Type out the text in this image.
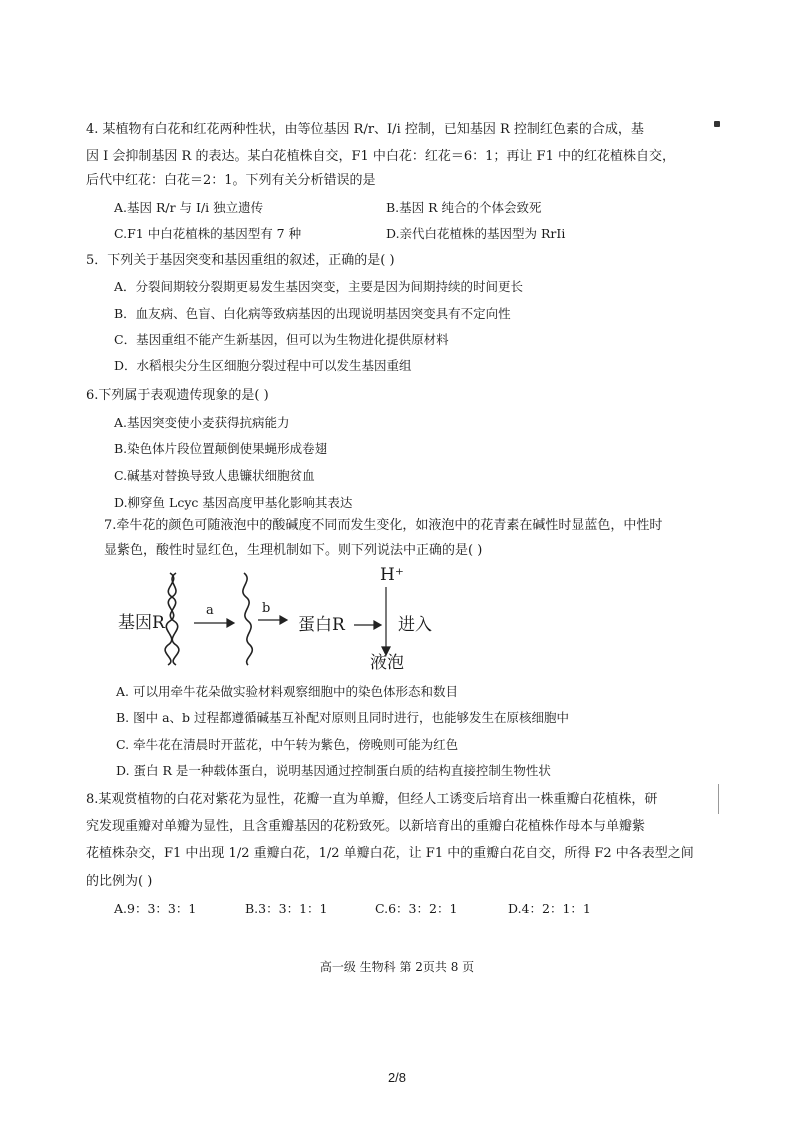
4. 某植物有白花和红花两种性状，由等位基因 R/r、I/i 控制，已知基因 R 控制红色素的合成，基
因 I 会抑制基因 R 的表达。某白花植株自交，F1 中白花：红花＝6：1；再让 F1 中的红花植株自交，
后代中红花：白花＝2：1。下列有关分析错误的是
A.基因 R/r 与 I/i 独立遗传	B.基因 R 纯合的个体会致死
C.F1 中白花植株的基因型有 7 种	D.亲代白花植株的基因型为 RrIi
5．下列关于基因突变和基因重组的叙述，正确的是( )
A．分裂间期较分裂期更易发生基因突变，主要是因为间期持续的时间更长
B．血友病、色盲、白化病等致病基因的出现说明基因突变具有不定向性
C．基因重组不能产生新基因，但可以为生物进化提供原材料
D．水稻根尖分生区细胞分裂过程中可以发生基因重组
6.下列属于表观遗传现象的是( )
A.基因突变使小麦获得抗病能力
B.染色体片段位置颠倒使果蝇形成卷翅
C.碱基对替换导致人患镰状细胞贫血
D.柳穿鱼 Lcyc 基因高度甲基化影响其表达
7.牵牛花的颜色可随液泡中的酸碱度不同而发生变化，如液泡中的花青素在碱性时显蓝色，中性时
显紫色，酸性时显红色，生理机制如下。则下列说法中正确的是( )
基因R
a	b
蛋白R
H⁺
进入
液泡
A. 可以用牵牛花朵做实验材料观察细胞中的染色体形态和数目
B. 图中 a、b 过程都遵循碱基互补配对原则且同时进行，也能够发生在原核细胞中
C. 牵牛花在清晨时开蓝花，中午转为紫色，傍晚则可能为红色
D. 蛋白 R 是一种载体蛋白，说明基因通过控制蛋白质的结构直接控制生物性状
8.某观赏植物的白花对紫花为显性，花瓣一直为单瓣，但经人工诱变后培育出一株重瓣白花植株，研
究发现重瓣对单瓣为显性，且含重瓣基因的花粉致死。以新培育出的重瓣白花植株作母本与单瓣紫
花植株杂交，F1 中出现 1/2 重瓣白花，1/2 单瓣白花，让 F1 中的重瓣白花自交，所得 F2 中各表型之间
的比例为( )
A.9：3：3：1	B.3：3：1：1	C.6：3：2：1	D.4：2：1：1
高一级 生物科 第 2页共 8 页
2/8
